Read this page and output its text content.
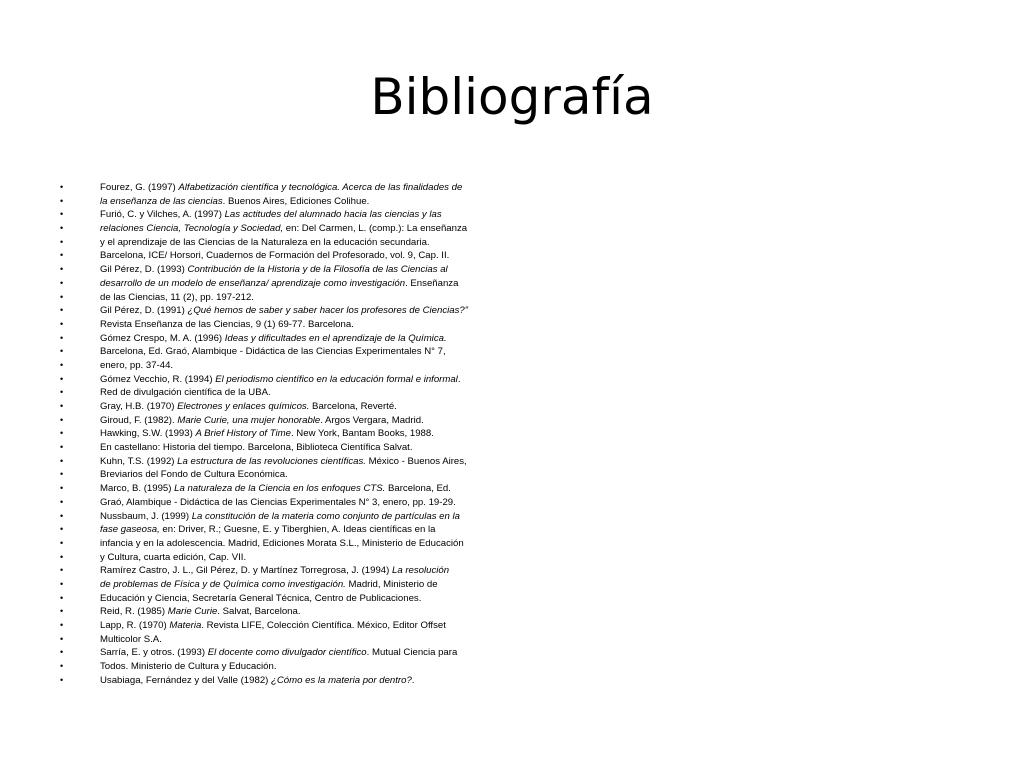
Bibliografía
•	Fourez, G. (1997) Alfabetización científica y tecnológica. Acerca de las finalidades de
•	la enseñanza de las ciencias. Buenos Aires, Ediciones Colihue.
•	Furió, C. y Vilches, A. (1997) Las actitudes del alumnado hacia las ciencias y las
•	relaciones Ciencia, Tecnología y Sociedad, en: Del Carmen, L. (comp.): La enseñanza
•	y el aprendizaje de las Ciencias de la Naturaleza en la educación secundaria.
•	Barcelona, ICE/ Horsori, Cuadernos de Formación del Profesorado, vol. 9, Cap. II.
•	Gil Pérez, D. (1993) Contribución de la Historia y de la Filosofía de las Ciencias al
•	desarrollo de un modelo de enseñanza/ aprendizaje como investigación. Enseñanza
•	de las Ciencias, 11 (2), pp. 197-212.
•	Gil Pérez, D. (1991) ¿Qué hemos de saber y saber hacer los profesores de Ciencias?”
•	Revista Enseñanza de las Ciencias, 9 (1) 69-77. Barcelona.
•	Gómez Crespo, M. A. (1996) Ideas y dificultades en el aprendizaje de la Química.
•	Barcelona, Ed. Graó, Alambique - Didáctica de las Ciencias Experimentales N° 7,
•	enero, pp. 37-44.
•	Gómez Vecchio, R. (1994) El periodismo científico en la educación formal e informal.
•	Red de divulgación científica de la UBA.
•	Gray, H.B. (1970) Electrones y enlaces químicos. Barcelona, Reverté.
•	Giroud, F. (1982). Marie Curie, una mujer honorable. Argos Vergara, Madrid.
•	Hawking, S.W. (1993) A Brief History of Time. New York, Bantam Books, 1988.
•	En castellano: Historia del tiempo. Barcelona, Biblioteca Científica Salvat.
•	Kuhn, T.S. (1992) La estructura de las revoluciones científicas. México - Buenos Aires,
•	Breviarios del Fondo de Cultura Económica.
•	Marco, B. (1995) La naturaleza de la Ciencia en los enfoques CTS. Barcelona, Ed.
•	Graó, Alambique - Didáctica de las Ciencias Experimentales N° 3, enero, pp. 19-29.
•	Nussbaum, J. (1999) La constitución de la materia como conjunto de partículas en la
•	fase gaseosa, en: Driver, R.; Guesne, E. y Tiberghien, A. Ideas científicas en la
•	infancia y en la adolescencia. Madrid, Ediciones Morata S.L., Ministerio de Educación
•	y Cultura, cuarta edición, Cap. VII.
•	Ramírez Castro, J. L., Gil Pérez, D. y Martínez Torregrosa, J. (1994) La resolución
•	de problemas de Física y de Química como investigación. Madrid, Ministerio de
•	Educación y Ciencia, Secretaría General Técnica, Centro de Publicaciones.
•	Reid, R. (1985) Marie Curie. Salvat, Barcelona.
•	Lapp, R. (1970) Materia. Revista LIFE, Colección Científica. México, Editor Offset
•	Multicolor S.A.
•	Sarría, E. y otros. (1993) El docente como divulgador científico. Mutual Ciencia para
•	Todos. Ministerio de Cultura y Educación.
•	Usabiaga, Fernández y del Valle (1982) ¿Cómo es la materia por dentro?.
